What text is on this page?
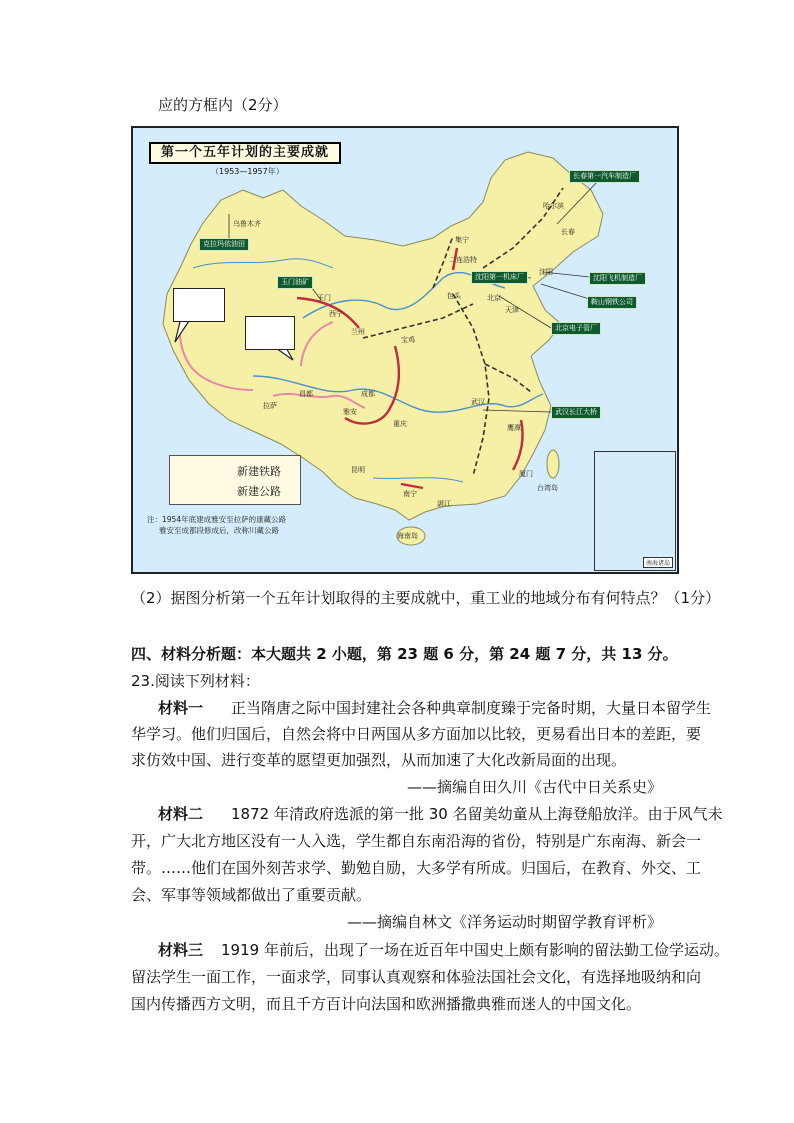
应的方框内（2分）
第一个五年计划的主要成就
（1953—1957年）	长春第一汽车制造厂
克拉玛依油田
玉门油矿
沈阳第一机床厂	沈阳飞机制造厂
鞍山钢铁公司
北京电子管厂
武汉长江大桥
哈尔滨
长春
沈阳
北京
包头
兰州
西宁
宝鸡
成都
重庆
拉萨
昆明
南宁
武汉
鹰潭
厦门
台湾岛
海南岛
湛江
玉门
集宁
二连浩特
乌鲁木齐
天津
昌都
雅安
新建铁路
新建公路
注：1954年底建成雅安至拉萨的康藏公路
雅安至成都段修成后，改称川藏公路
南海诸岛
（2）据图分析第一个五年计划取得的主要成就中，重工业的地域分布有何特点？（1分）
四、材料分析题：本大题共 2 小题，第 23 题 6 分，第 24 题 7 分，共 13 分。
23.阅读下列材料：
材料一 正当隋唐之际中国封建社会各种典章制度臻于完备时期，大量日本留学生
华学习。他们归国后，自然会将中日两国从多方面加以比较，更易看出日本的差距，要
求仿效中国、进行变革的愿望更加强烈，从而加速了大化改新局面的出现。
——摘编自田久川《古代中日关系史》
材料二 1872 年清政府选派的第一批 30 名留美幼童从上海登船放洋。由于风气未
开，广大北方地区没有一人入选，学生都自东南沿海的省份，特别是广东南海、新会一
带。……他们在国外刻苦求学、勤勉自励，大多学有所成。归国后，在教育、外交、工
会、军事等领域都做出了重要贡献。
——摘编自林文《洋务运动时期留学教育评析》
材料三 1919 年前后，出现了一场在近百年中国史上颇有影响的留法勤工俭学运动。
留法学生一面工作，一面求学，同事认真观察和体验法国社会文化，有选择地吸纳和向
国内传播西方文明，而且千方百计向法国和欧洲播撒典雅而迷人的中国文化。
